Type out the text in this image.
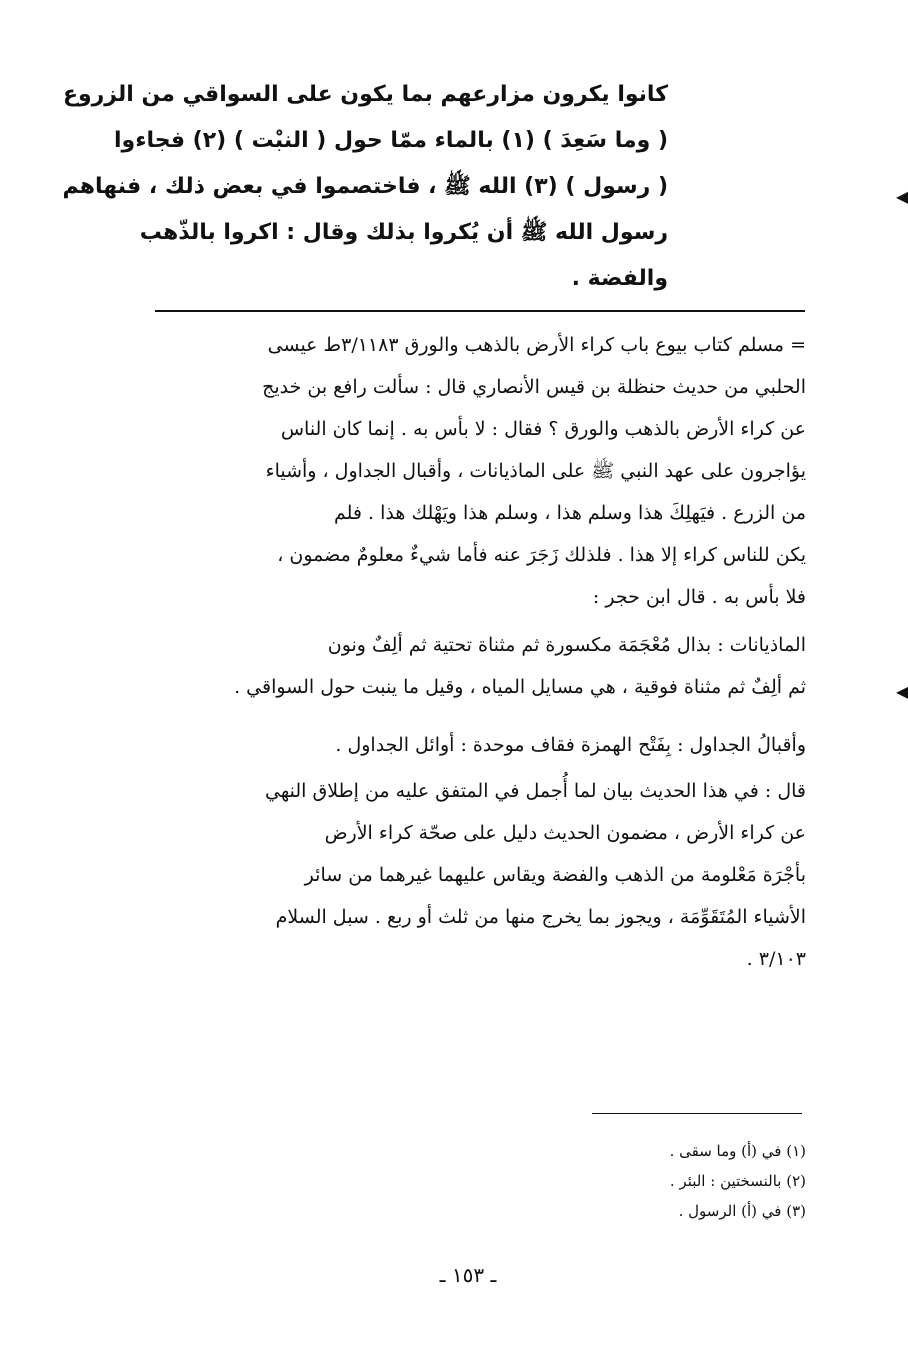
◀
◀
كانوا يكرون مزارعهم بما يكون على السواقي من الزروع
( وما سَعِدَ ) (١) بالماء ممّا حول ( النبْت ) (٢) فجاءوا
( رسول ) (٣) الله ﷺ ، فاختصموا في بعض ذلك ، فنهاهم
رسول الله ﷺ أن يُكروا بذلك وقال : اكروا بالذّهب
والفضة .
= مسلم كتاب بيوع باب كراء الأرض بالذهب والورق ٣/١١٨٣ط عيسى
الحلبي من حديث حنظلة بن قيس الأنصاري قال : سألت رافع بن خديج
عن كراء الأرض بالذهب والورق ؟ فقال : لا بأس به . إنما كان الناس
يؤاجرون على عهد النبي ﷺ على الماذيانات ، وأقبال الجداول ، وأشياء
من الزرع . فيَهلِكَ هذا وسلم هذا ، وسلم هذا ويَهْلك هذا . فلم
يكن للناس كراء إلا هذا . فلذلك زَجَرَ عنه فأما شيءٌ معلومٌ مضمون ،
فلا بأس به . قال ابن حجر :
الماذيانات : بذال مُعْجَمَة مكسورة ثم مثناة تحتية ثم ألِفٌ ونون
ثم ألِفٌ ثم مثناة فوقية ، هي مسايل المياه ، وقيل ما ينبت حول السواقي .
وأقبالُ الجداول : بِفَتْح الهمزة فقاف موحدة : أوائل الجداول .
قال : في هذا الحديث بيان لما أُجمل في المتفق عليه من إطلاق النهي
عن كراء الأرض ، مضمون الحديث دليل على صحّة كراء الأرض
بأجْرَة مَعْلومة من الذهب والفضة ويقاس عليهما غيرهما من سائر
الأشياء المُتَقَوِّمَة ، ويجوز بما يخرج منها من ثلث أو ربع . سبل السلام
٣/١٠٣ .
(١) في (أ) وما سقى .
(٢) بالنسختين : البئر .
(٣) في (أ) الرسول .
ـ ١٥٣ ـ
